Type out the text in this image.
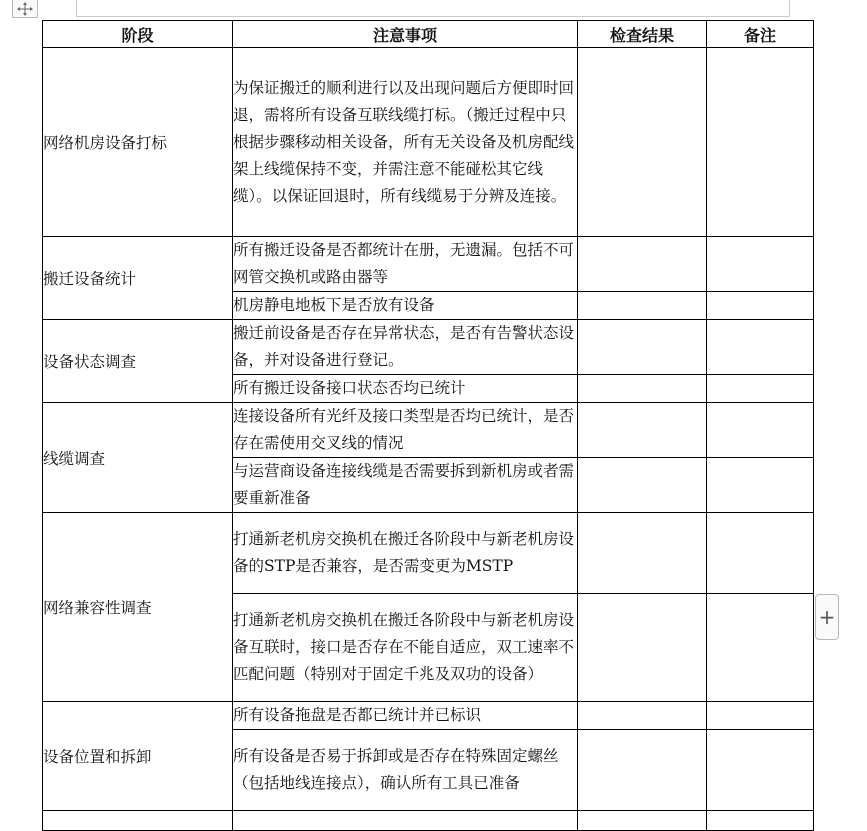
+
阶段	注意事项	检查结果	备注
网络机房设备打标	为保证搬迁的顺利进行以及出现问题后方便即时回退，需将所有设备互联线缆打标。（搬迁过程中只根据步骤移动相关设备，所有无关设备及机房配线架上线缆保持不变，并需注意不能碰松其它线缆）。以保证回退时，所有线缆易于分辨及连接。		
搬迁设备统计	所有搬迁设备是否都统计在册，无遗漏。包括不可网管交换机或路由器等		
	机房静电地板下是否放有设备		
设备状态调查	搬迁前设备是否存在异常状态，是否有告警状态设备，并对设备进行登记。		
	所有搬迁设备接口状态否均已统计		
线缆调查	连接设备所有光纤及接口类型是否均已统计，是否存在需使用交叉线的情况		
	与运营商设备连接线缆是否需要拆到新机房或者需要重新准备		
网络兼容性调查	打通新老机房交换机在搬迁各阶段中与新老机房设备的STP是否兼容，是否需变更为MSTP		
	打通新老机房交换机在搬迁各阶段中与新老机房设备互联时，接口是否存在不能自适应，双工速率不匹配问题（特别对于固定千兆及双功的设备）		
设备位置和拆卸	所有设备拖盘是否都已统计并已标识		
	所有设备是否易于拆卸或是否存在特殊固定螺丝（包括地线连接点），确认所有工具已准备		
